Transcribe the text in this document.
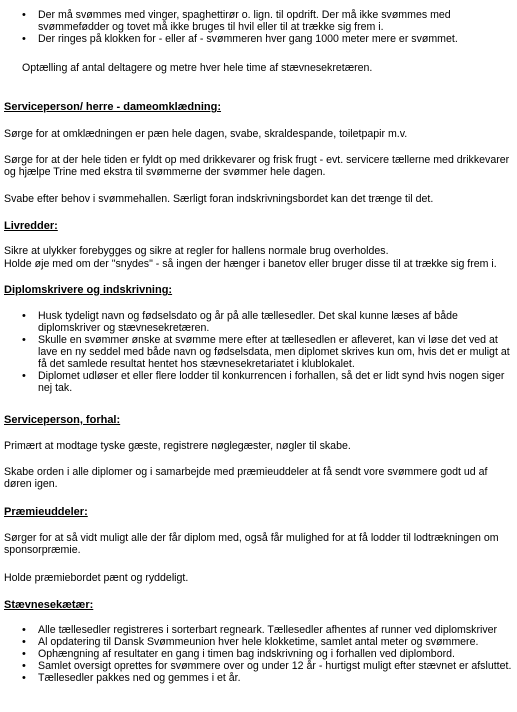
• Der må svømmes med vinger, spaghettirør o. lign. til opdrift. Der må ikke svømmes med svømmefødder og tovet må ikke bruges til hvil eller til at trække sig frem i.
• Der ringes på klokken for - eller af - svømmeren hver gang 1000 meter mere er svømmet.

Optælling af antal deltagere og metre hver hele time af stævnesekretæren.

Serviceperson/ herre - dameomklædning:

Sørge for at omklædningen er pæn hele dagen, svabe, skraldespande, toiletpapir m.v.

Sørge for at der hele tiden er fyldt op med drikkevarer og frisk frugt - evt. servicere tællerne med drikkevarer og hjælpe Trine med ekstra til svømmerne der svømmer hele dagen.

Svabe efter behov i svømmehallen. Særligt foran indskrivningsbordet kan det trænge til det.

Livredder:

Sikre at ulykker forebygges og sikre at regler for hallens normale brug overholdes.

Holde øje med om der "snydes" - så ingen der hænger i banetov eller bruger disse til at trække sig frem i.

Diplomskrivere og indskrivning:
• Husk tydeligt navn og fødselsdato og år på alle tællesedler. Det skal kunne læses af både diplomskriver og stævnesekretæren.
• Skulle en svømmer ønske at svømme mere efter at tællesedlen er afleveret, kan vi løse det ved at lave en ny seddel med både navn og fødselsdata, men diplomet skrives kun om, hvis det er muligt at få det samlede resultat hentet hos stævnesekretariatet i klublokalet.
• Diplomet udløser et eller flere lodder til konkurrencen i forhallen, så det er lidt synd hvis nogen siger nej tak.
Serviceperson, forhal:

Primært at modtage tyske gæste, registrere nøglegæster, nøgler til skabe.

Skabe orden i alle diplomer og i samarbejde med præmieuddeler at få sendt vore svømmere godt ud af døren igen.

Præmieuddeler:

Sørger for at så vidt muligt alle der får diplom med, også får mulighed for at få lodder til lodtrækningen om sponsorpræmie.

Holde præmiebordet pænt og ryddeligt.

Stævnesekætær:
• Alle tællesedler registreres i sorterbart regneark. Tællesedler afhentes af runner ved diplomskriver
• Al opdatering til Dansk Svømmeunion hver hele klokketime, samlet antal meter og svømmere.
• Ophængning af resultater en gang i timen bag indskrivning og i forhallen ved diplombord.
• Samlet oversigt oprettes for svømmere over og under 12 år - hurtigst muligt efter stævnet er afsluttet.
• Tællesedler pakkes ned og gemmes i et år.
